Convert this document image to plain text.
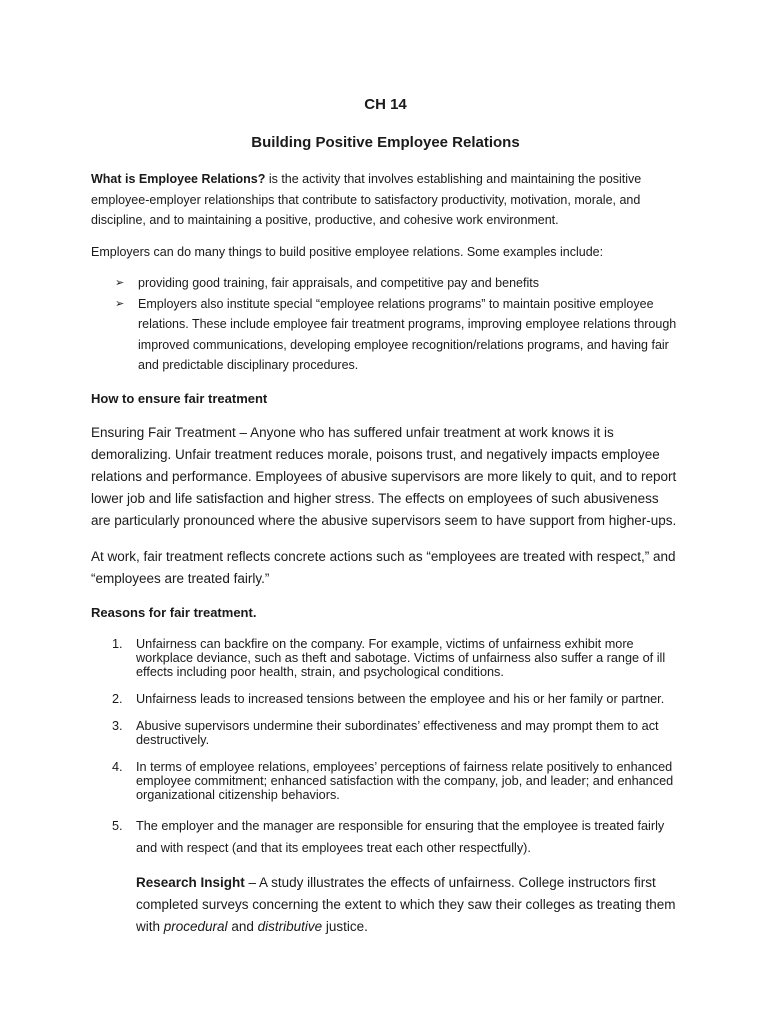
CH 14
Building Positive Employee Relations

What is Employee Relations? is the activity that involves establishing and maintaining the positive employee-employer relationships that contribute to satisfactory productivity, motivation, morale, and discipline, and to maintaining a positive, productive, and cohesive work environment.

Employers can do many things to build positive employee relations. Some examples include:

➢ providing good training, fair appraisals, and competitive pay and benefits
➢ Employers also institute special “employee relations programs” to maintain positive employee relations. These include employee fair treatment programs, improving employee relations through improved communications, developing employee recognition/relations programs, and having fair and predictable disciplinary procedures.
How to ensure fair treatment

Ensuring Fair Treatment – Anyone who has suffered unfair treatment at work knows it is demoralizing. Unfair treatment reduces morale, poisons trust, and negatively impacts employee relations and performance. Employees of abusive supervisors are more likely to quit, and to report lower job and life satisfaction and higher stress. The effects on employees of such abusiveness are particularly pronounced where the abusive supervisors seem to have support from higher-ups.

At work, fair treatment reflects concrete actions such as “employees are treated with respect,” and “employees are treated fairly.”

Reasons for fair treatment.
1. Unfairness can backfire on the company. For example, victims of unfairness exhibit more workplace deviance, such as theft and sabotage. Victims of unfairness also suffer a range of ill effects including poor health, strain, and psychological conditions.
2. Unfairness leads to increased tensions between the employee and his or her family or partner.
3. Abusive supervisors undermine their subordinates’ effectiveness and may prompt them to act destructively.
4. In terms of employee relations, employees’ perceptions of fairness relate positively to enhanced employee commitment; enhanced satisfaction with the company, job, and leader; and enhanced organizational citizenship behaviors.
5. The employer and the manager are responsible for ensuring that the employee is treated fairly and with respect (and that its employees treat each other respectfully).

Research Insight – A study illustrates the effects of unfairness. College instructors first completed surveys concerning the extent to which they saw their colleges as treating them with procedural and distributive justice.
